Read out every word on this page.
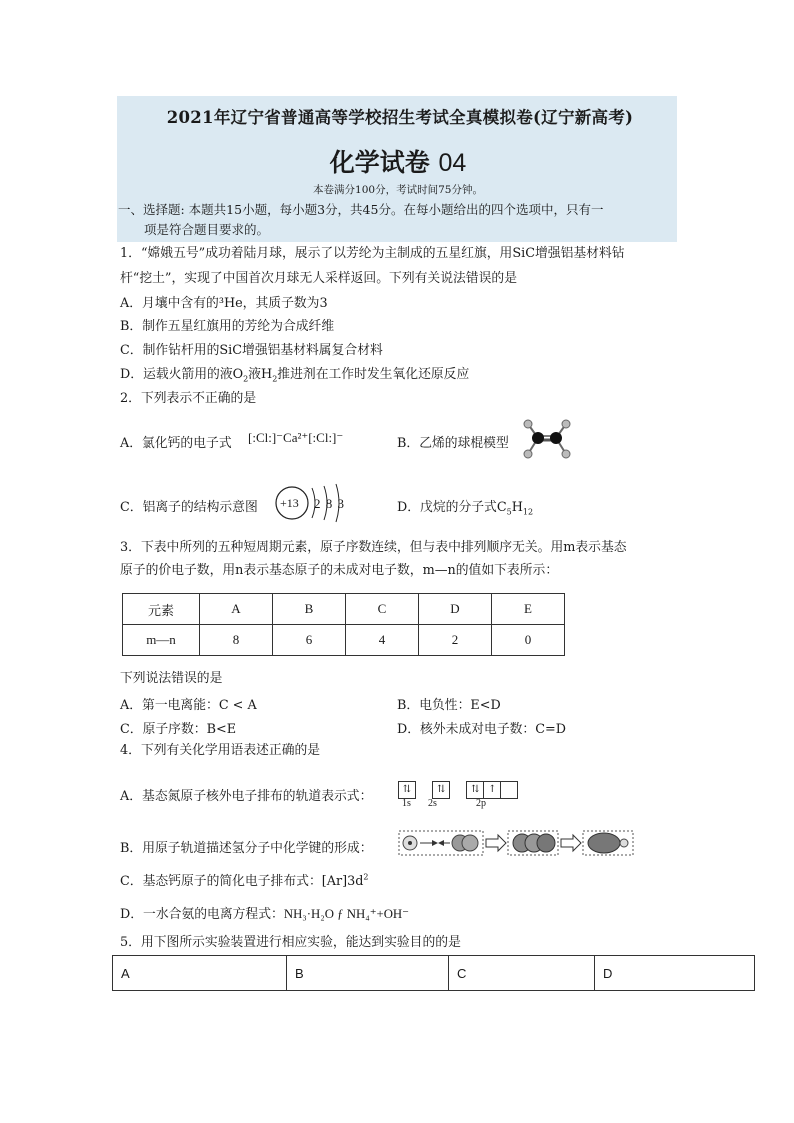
2021年辽宁省普通高等学校招生考试全真模拟卷(辽宁新高考)
化学试卷 04
本卷满分100分，考试时间75分钟。
一、选择题: 本题共15小题，每小题3分，共45分。在每小题给出的四个选项中，只有一
项是符合题目要求的。
1．“嫦娥五号”成功着陆月球，展示了以芳纶为主制成的五星红旗，用SiC增强铝基材料钻
杆“挖土”，实现了中国首次月球无人采样返回。下列有关说法错误的是
A．月壤中含有的³He，其质子数为3
B．制作五星红旗用的芳纶为合成纤维
C．制作钻杆用的SiC增强铝基材料属复合材料
D．运载火箭用的液$O_2$液$H_2$推进剂在工作时发生氧化还原反应
2．下列表示不正确的是
A．氯化钙的电子式 [:Cl:]⁻Ca²⁺[:Cl:]⁻	B．乙烯的球棍模型
C．铝离子的结构示意图 +13 2 8 3	D．戊烷的分子式$C_5H_{12}$
3．下表中所列的五种短周期元素，原子序数连续，但与表中排列顺序无关。用m表示基态
原子的价电子数，用n表示基态原子的未成对电子数，m—n的值如下表所示：
元素	A	B	C	D	E
m—n	8	6	4	2	0
下列说法错误的是
A．第一电离能：C < A	B．电负性：E<D
C．原子序数：B<E	D．核外未成对电子数：C=D
4．下列有关化学用语表述正确的是
A．基态氮原子核外电子排布的轨道表示式：	⇅	⇅	⇅ ↑
1s 2s	2p
B．用原子轨道描述氢分子中化学键的形成：
C．基态钙原子的简化电子排布式：$[Ar]3d^2$
D．一水合氨的电离方程式：NH₃·H₂O ƒ NH₄⁺+OH⁻
5．用下图所示实验装置进行相应实验，能达到实验目的的是
A	B	C	D
